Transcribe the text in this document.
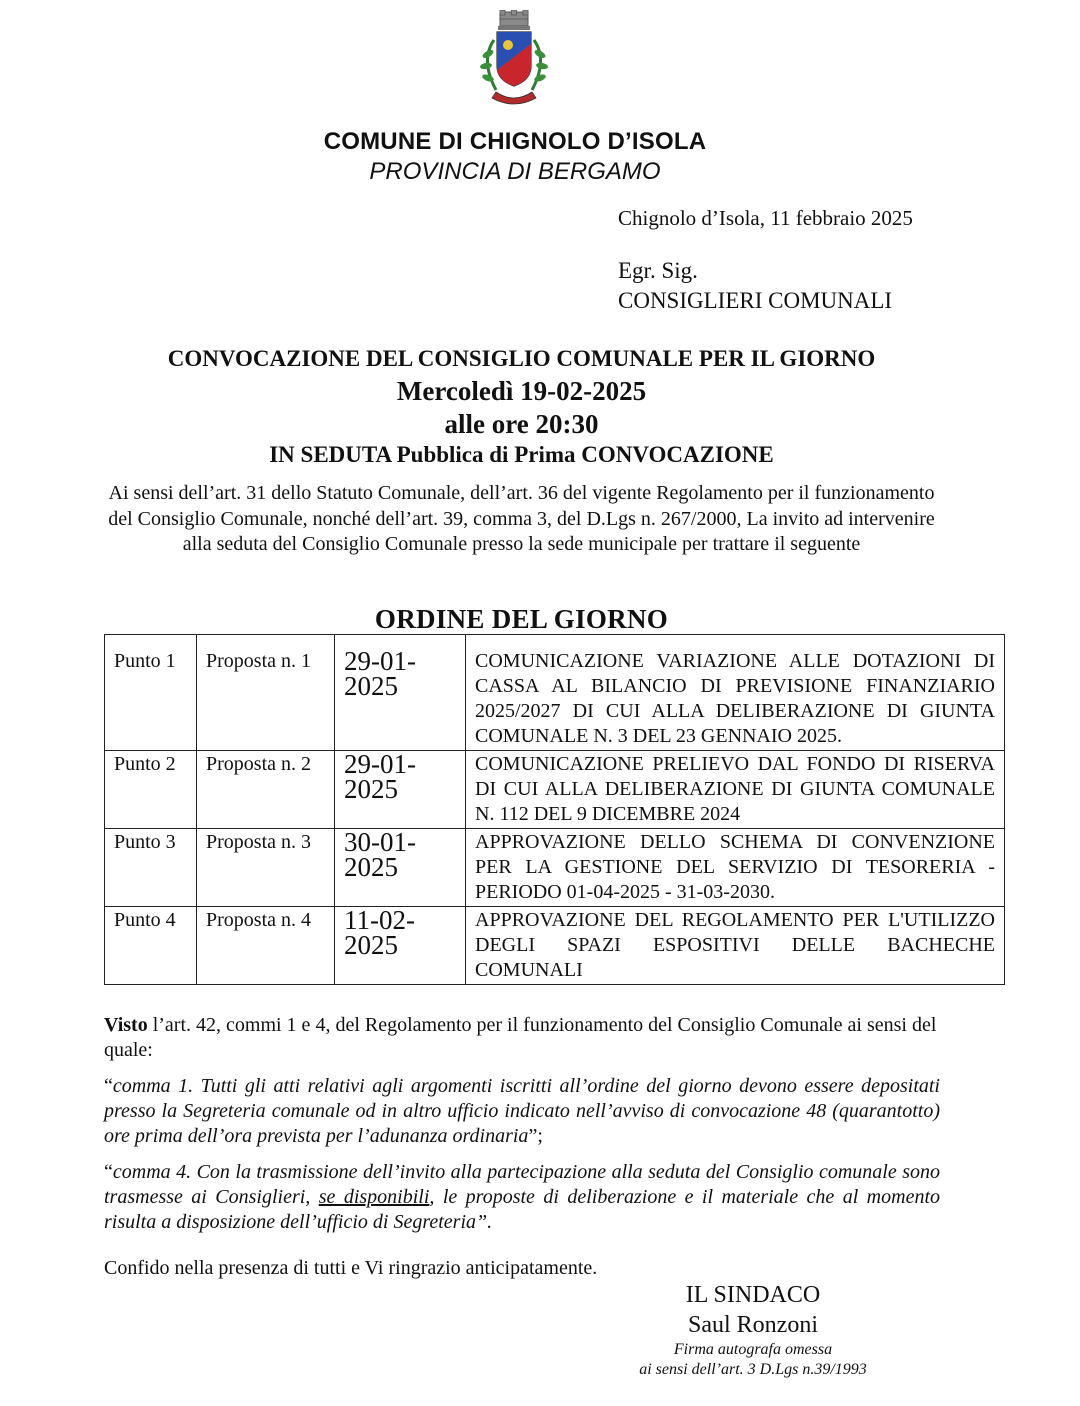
COMUNE DI CHIGNOLO D’ISOLA
PROVINCIA DI BERGAMO
Chignolo d’Isola, 11 febbraio 2025
Egr. Sig.
CONSIGLIERI COMUNALI
CONVOCAZIONE DEL CONSIGLIO COMUNALE PER IL GIORNO
Mercoledì 19-02-2025
alle ore 20:30
IN SEDUTA Pubblica di Prima CONVOCAZIONE
Ai sensi dell’art. 31 dello Statuto Comunale, dell’art. 36 del vigente Regolamento per il funzionamento del Consiglio Comunale, nonché dell’art. 39, comma 3, del D.Lgs n. 267/2000, La invito ad intervenire alla seduta del Consiglio Comunale presso la sede municipale per trattare il seguente
ORDINE DEL GIORNO
Punto 1	Proposta n. 1	29-01-2025	COMUNICAZIONE VARIAZIONE ALLE DOTAZIONI DI CASSA AL BILANCIO DI PREVISIONE FINANZIARIO 2025/2027 DI CUI ALLA DELIBERAZIONE DI GIUNTA COMUNALE N. 3 DEL 23 GENNAIO 2025.
Punto 2	Proposta n. 2	29-01-2025	COMUNICAZIONE PRELIEVO DAL FONDO DI RISERVA DI CUI ALLA DELIBERAZIONE DI GIUNTA COMUNALE N. 112 DEL 9 DICEMBRE 2024
Punto 3	Proposta n. 3	30-01-2025	APPROVAZIONE DELLO SCHEMA DI CONVENZIONE PER LA GESTIONE DEL SERVIZIO DI TESORERIA - PERIODO 01-04-2025 - 31-03-2030.
Punto 4	Proposta n. 4	11-02-2025	APPROVAZIONE DEL REGOLAMENTO PER L'UTILIZZO DEGLI SPAZI ESPOSITIVI DELLE BACHECHE COMUNALI
Visto l’art. 42, commi 1 e 4, del Regolamento per il funzionamento del Consiglio Comunale ai sensi del quale:
“comma 1. Tutti gli atti relativi agli argomenti iscritti all’ordine del giorno devono essere depositati presso la Segreteria comunale od in altro ufficio indicato nell’avviso di convocazione 48 (quarantotto) ore prima dell’ora prevista per l’adunanza ordinaria”;
“comma 4. Con la trasmissione dell’invito alla partecipazione alla seduta del Consiglio comunale sono trasmesse ai Consiglieri, se disponibili, le proposte di deliberazione e il materiale che al momento risulta a disposizione dell’ufficio di Segreteria”.
Confido nella presenza di tutti e Vi ringrazio anticipatamente.
IL SINDACO
Saul Ronzoni
Firma autografa omessa
ai sensi dell’art. 3 D.Lgs n.39/1993
